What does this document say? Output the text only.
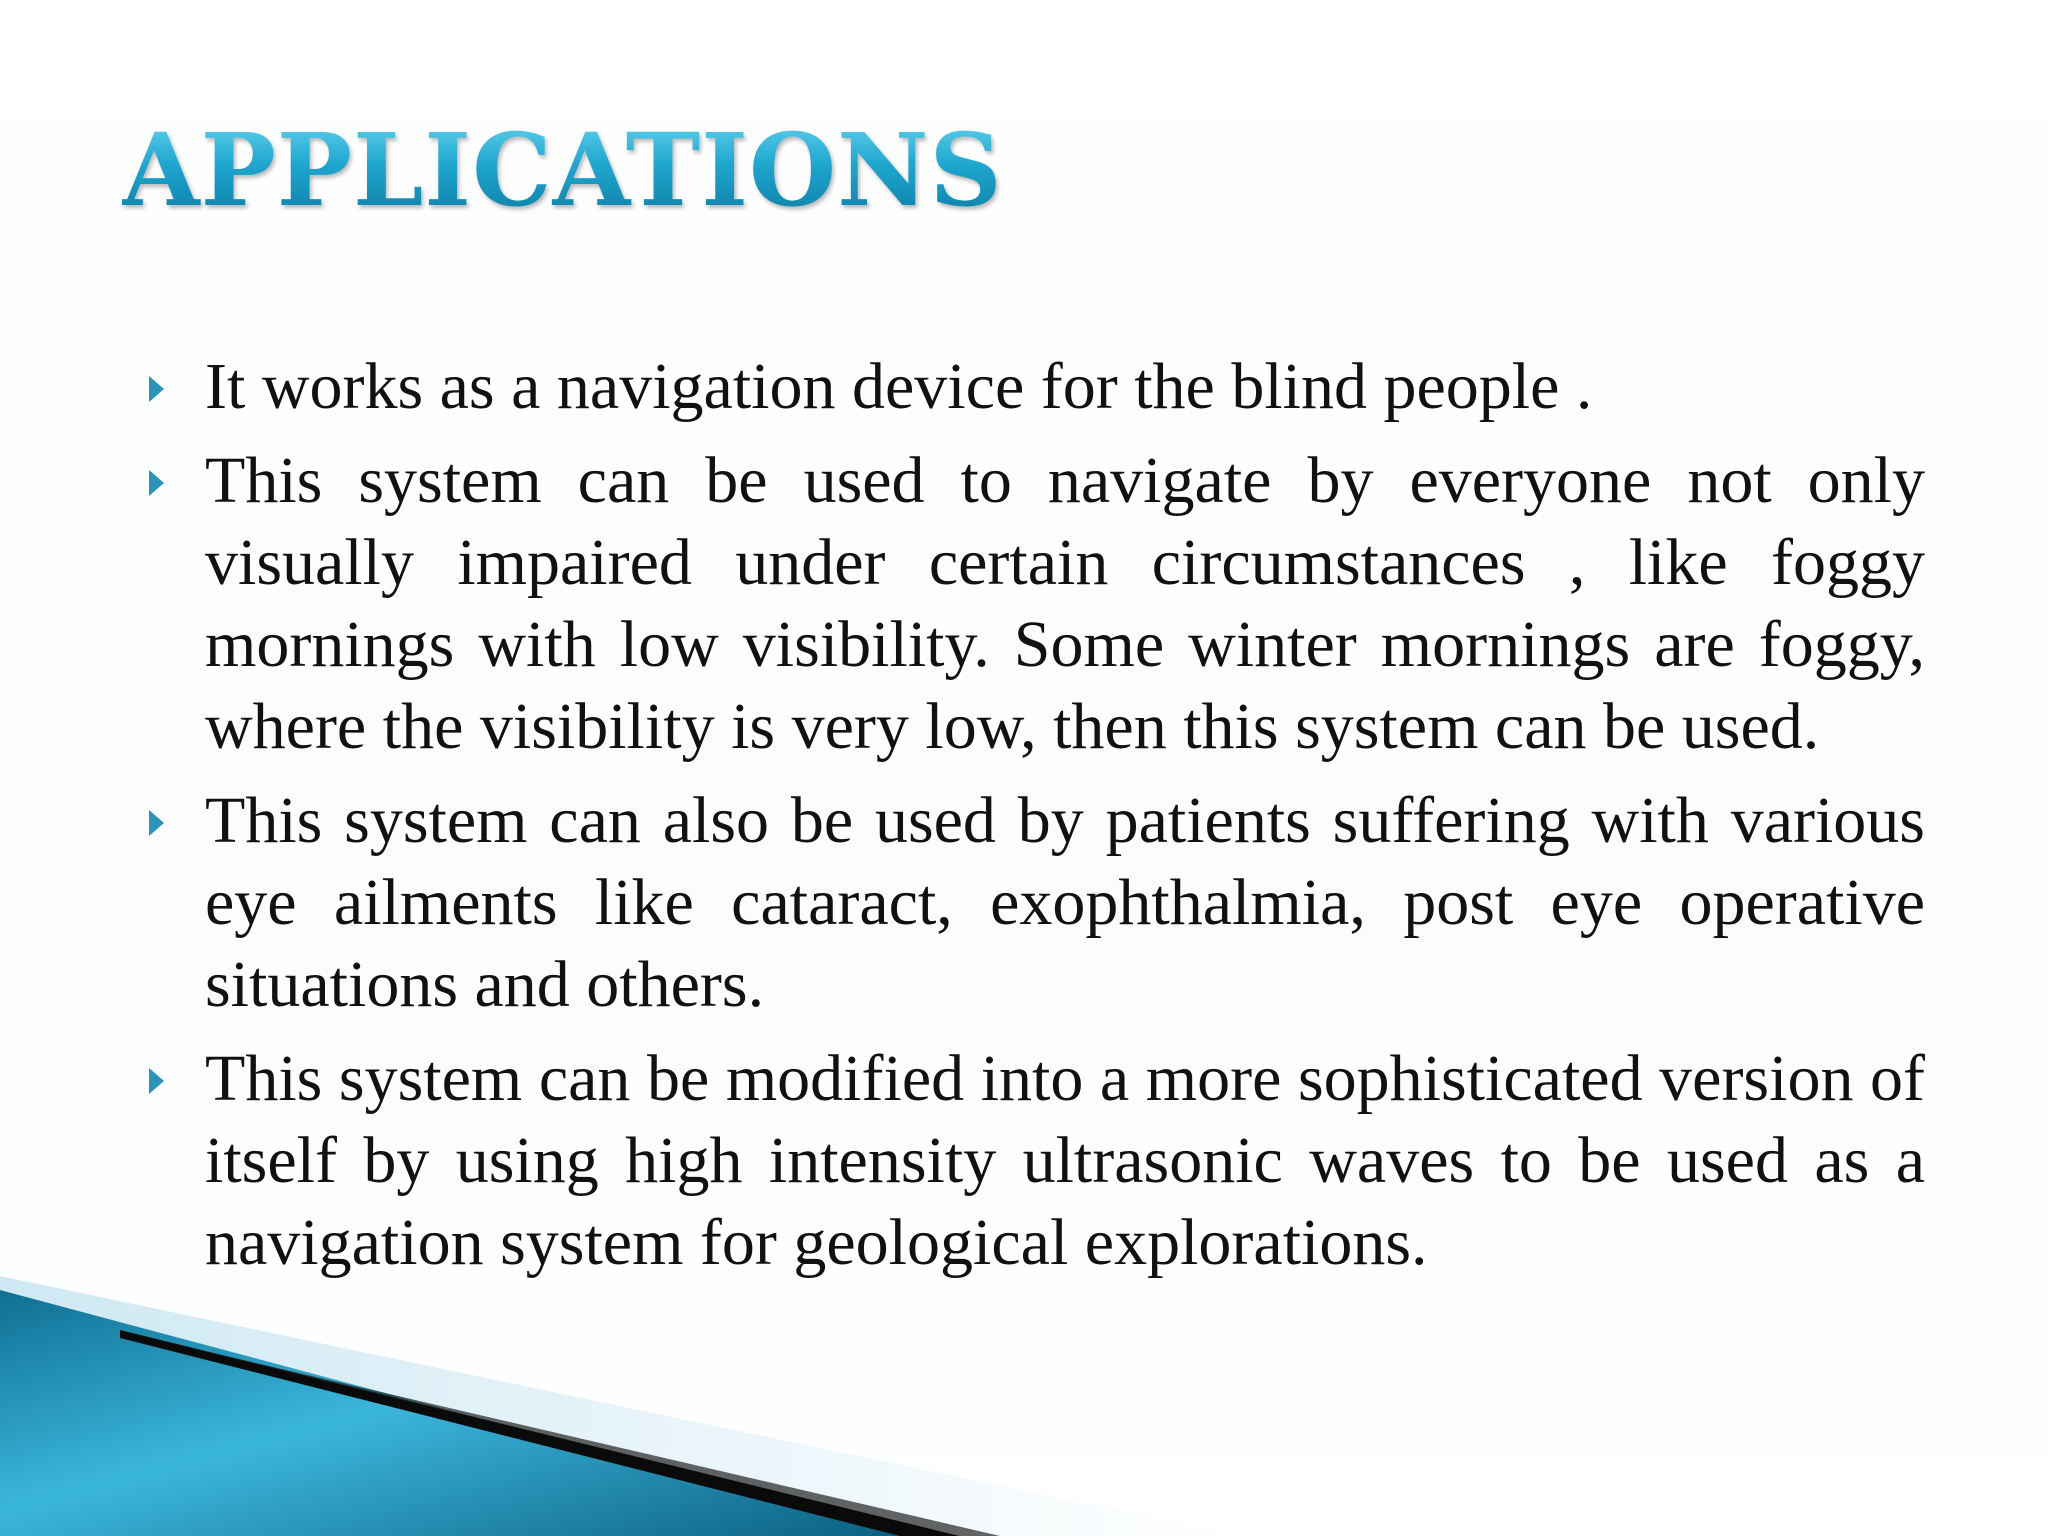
APPLICATIONS
It works as a navigation device for the blind people .
This system can be used to navigate by everyone not only visually impaired under certain circumstances , like foggy mornings with low visibility. Some winter mornings are foggy, where the visibility is very low, then this system can be used.
This system can also be used by patients suffering with various eye ailments like cataract, exophthalmia, post eye operative situations and others.
This system can be modified into a more sophisticated version of itself by using high intensity ultrasonic waves to be used as a navigation system for geological explorations.
